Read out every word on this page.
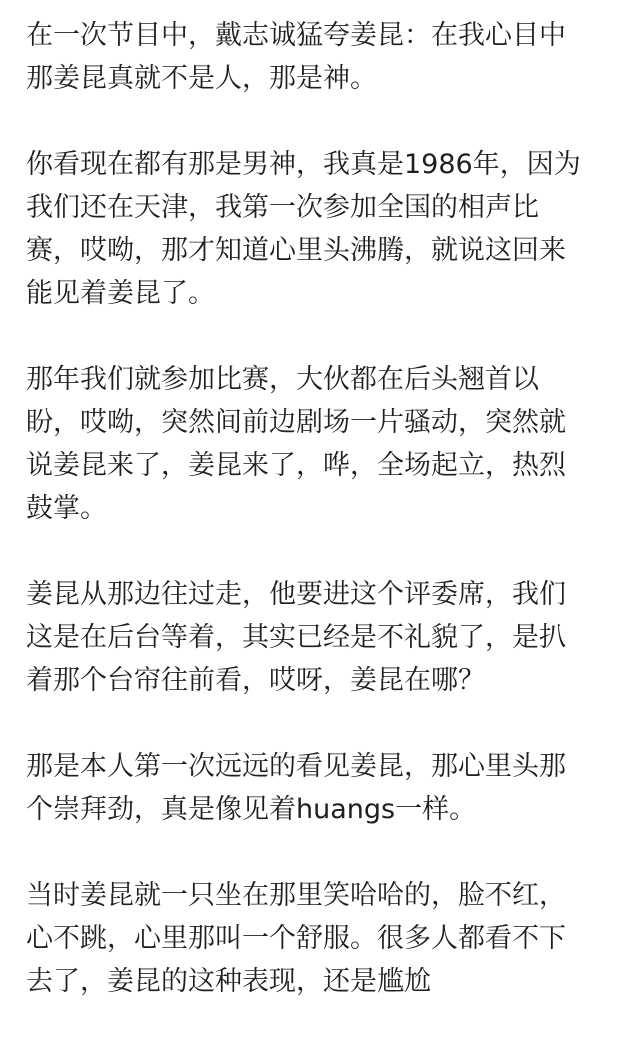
在一次节目中，戴志诚猛夸姜昆：在我心目中
那姜昆真就不是人，那是神。

你看现在都有那是男神，我真是1986年，因为
我们还在天津，我第一次参加全国的相声比
赛，哎呦，那才知道心里头沸腾，就说这回来
能见着姜昆了。

那年我们就参加比赛，大伙都在后头翘首以
盼，哎呦，突然间前边剧场一片骚动，突然就
说姜昆来了，姜昆来了，哗，全场起立，热烈
鼓掌。

姜昆从那边往过走，他要进这个评委席，我们
这是在后台等着，其实已经是不礼貌了，是扒
着那个台帘往前看，哎呀，姜昆在哪？

那是本人第一次远远的看见姜昆，那心里头那
个崇拜劲，真是像见着huangs一样。

当时姜昆就一只坐在那里笑哈哈的，脸不红，
心不跳，心里那叫一个舒服。很多人都看不下
去了，姜昆的这种表现，还是尴尬
